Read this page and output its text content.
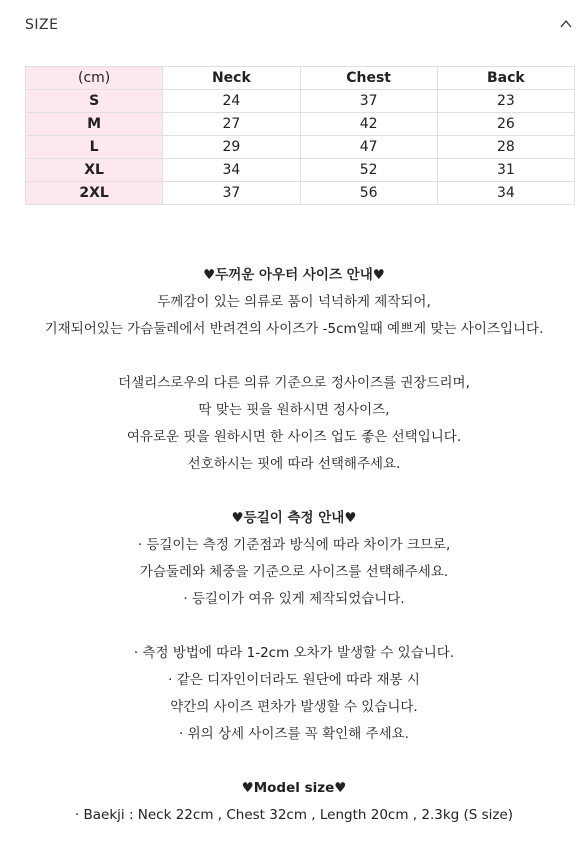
SIZE
(cm)	Neck	Chest	Back
S	24	37	23
M	27	42	26
L	29	47	28
XL	34	52	31
2XL	37	56	34
♥두꺼운 아우터 사이즈 안내♥
두께감이 있는 의류로 품이 넉넉하게 제작되어,
기재되어있는 가슴둘레에서 반려견의 사이즈가 -5cm일때 예쁘게 맞는 사이즈입니다.
더샐리스로우의 다른 의류 기준으로 정사이즈를 권장드리며,
딱 맞는 핏을 원하시면 정사이즈,
여유로운 핏을 원하시면 한 사이즈 업도 좋은 선택입니다.
선호하시는 핏에 따라 선택해주세요.
♥등길이 측정 안내♥
· 등길이는 측정 기준점과 방식에 따라 차이가 크므로,
가슴둘레와 체중을 기준으로 사이즈를 선택해주세요.
· 등길이가 여유 있게 제작되었습니다.
· 측정 방법에 따라 1-2cm 오차가 발생할 수 있습니다.
· 같은 디자인이더라도 원단에 따라 재봉 시
약간의 사이즈 편차가 발생할 수 있습니다.
· 위의 상세 사이즈를 꼭 확인해 주세요.
♥Model size♥
· Baekji : Neck 22cm , Chest 32cm , Length 20cm , 2.3kg (S size)
